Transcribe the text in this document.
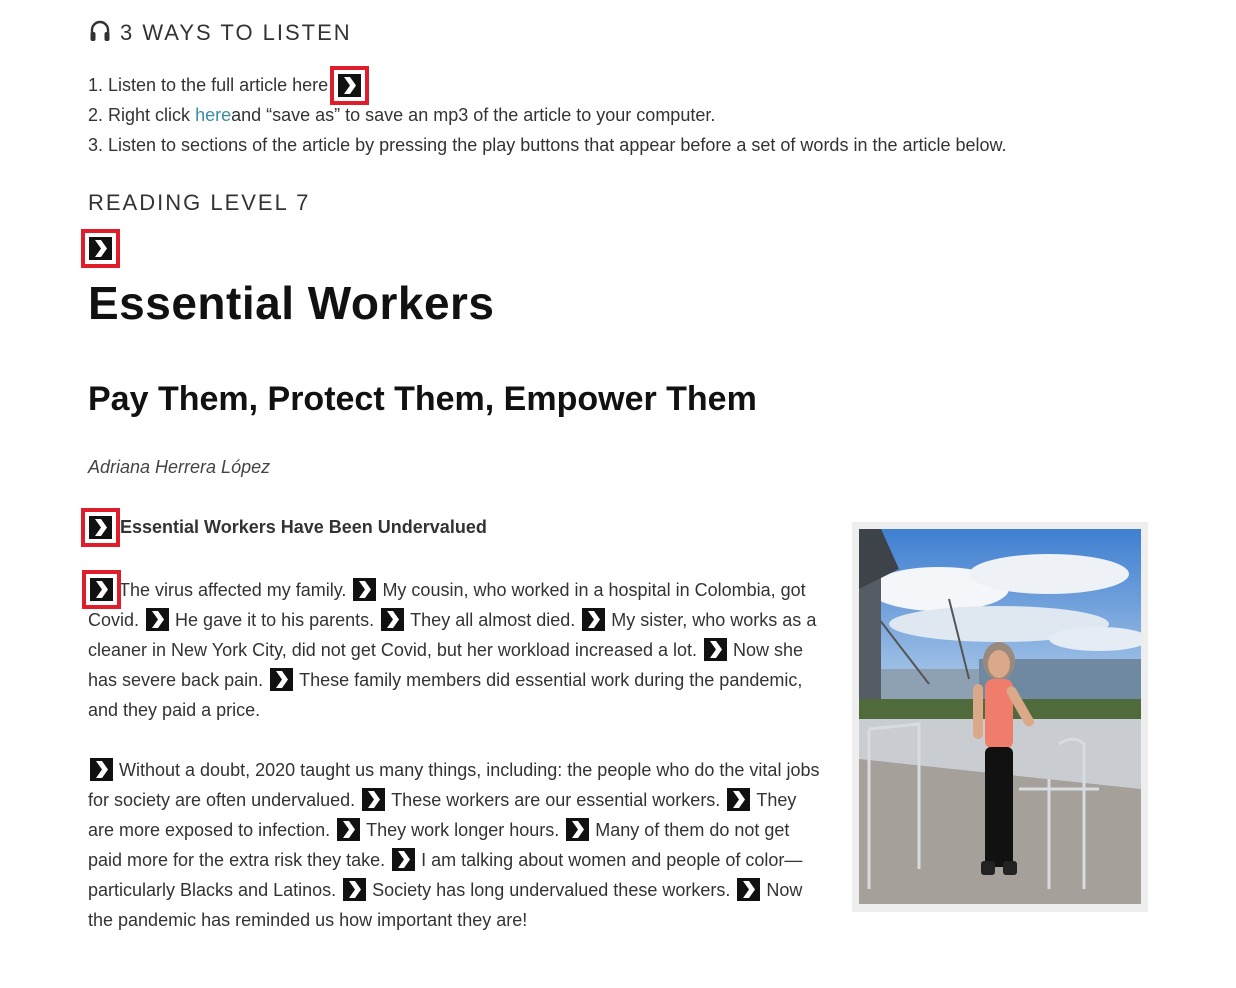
3 WAYS TO LISTEN
1. Listen to the full article here
2. Right click
here and “save as” to save an mp3 of the article to your computer.
3. Listen to sections of the article by pressing the play buttons that appear before a set of words in the article below.
READING LEVEL 7
Essential Workers
Pay Them, Protect Them, Empower Them
Adriana Herrera López
Essential Workers Have Been Undervalued
The virus affected my family. My cousin, who worked in a hospital in Colombia, got Covid. He gave it to his parents. They all almost died. My sister, who works as a cleaner in New York City, did not get Covid, but her workload increased a lot. Now she has severe back pain. These family members did essential work during the pandemic, and they paid a price.
Without a doubt, 2020 taught us many things, including: the people who do the vital jobs for society are often undervalued. These workers are our essential workers. They are more exposed to infection. They work longer hours. Many of them do not get paid more for the extra risk they take. I am talking about women and people of color—particularly Blacks and Latinos. Society has long undervalued these workers. Now the pandemic has reminded us how important they are!
